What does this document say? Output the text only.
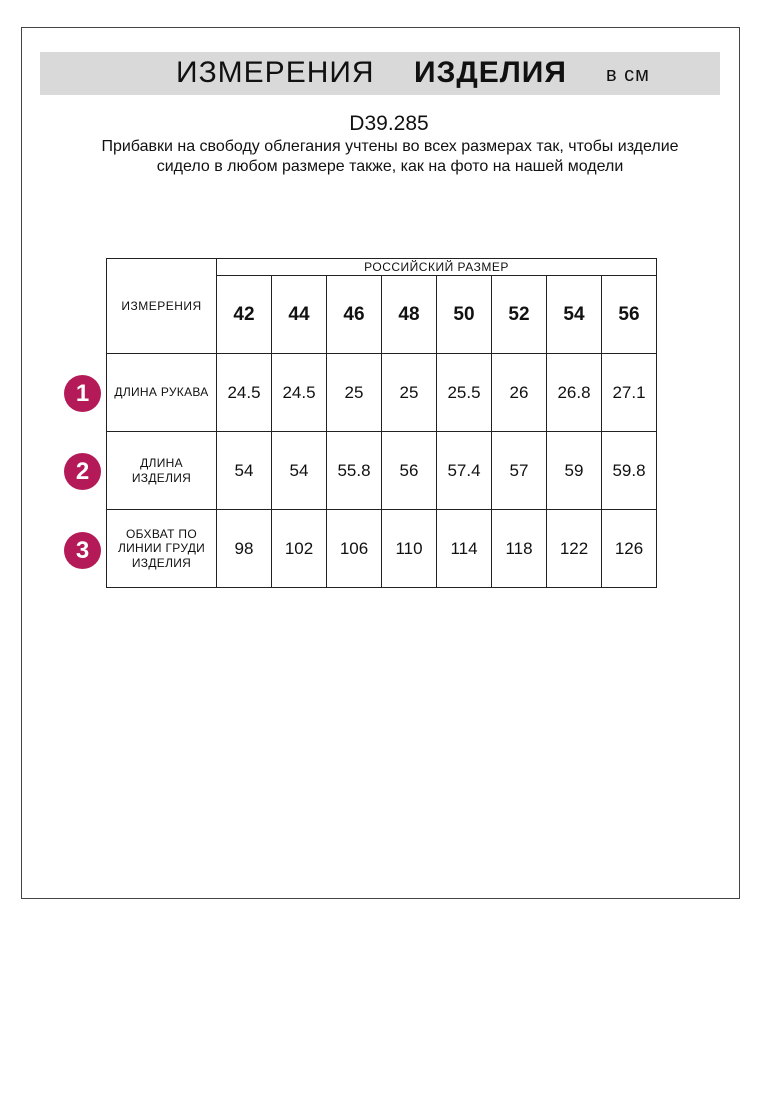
ИЗМЕРЕНИЯ ИЗДЕЛИЯ в см
D39.285
Прибавки на свободу облегания учтены во всех размерах так, чтобы изделие сидело в любом размере также, как на фото на нашей модели
ИЗМЕРЕНИЯ	РОССИЙСКИЙ РАЗМЕР							
	42	44	46	48	50	52	54	56
ДЛИНА РУКАВА	24.5	24.5	25	25	25.5	26	26.8	27.1
ДЛИНА ИЗДЕЛИЯ	54	54	55.8	56	57.4	57	59	59.8
ОБХВАТ ПО ЛИНИИ ГРУДИ ИЗДЕЛИЯ	98	102	106	110	114	118	122	126
1
2
3
